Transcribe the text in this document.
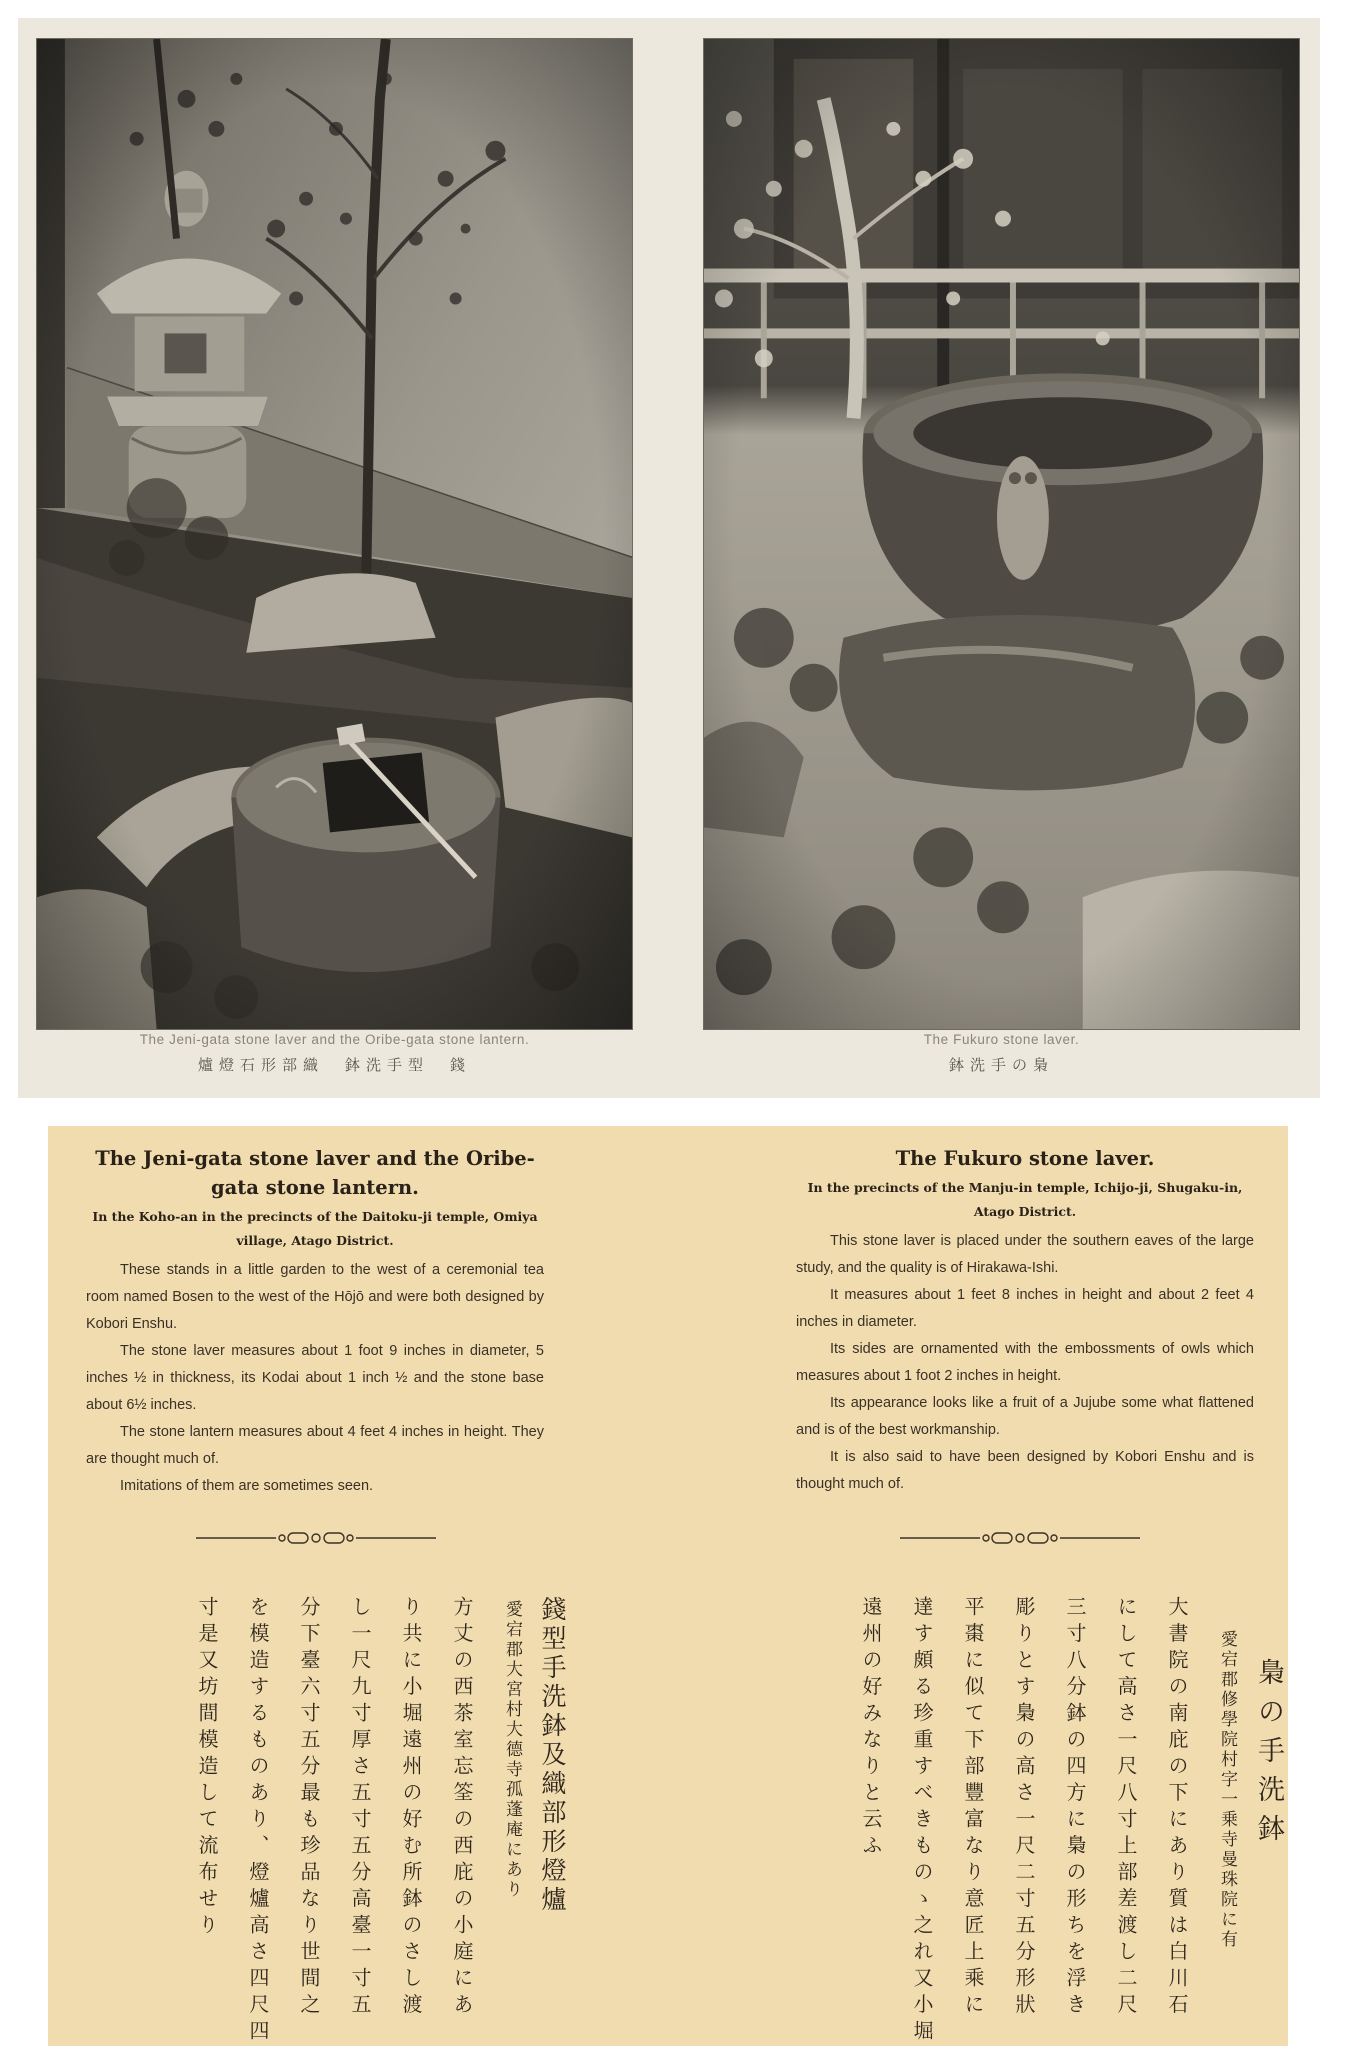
The Jeni-gata stone laver and the Oribe-gata stone lantern.
爐燈石形部織　鉢洗手型　錢
The Fukuro stone laver.
鉢洗手の梟
The Jeni-gata stone laver and the Oribe-gata stone lantern.
In the Koho-an in the precincts of the Daitoku-ji temple, Omiya village, Atago District.

These stands in a little garden to the west of a ceremonial tea room named Bosen to the west of the Hōjō and were both designed by Kobori Enshu.

The stone laver measures about 1 foot 9 inches in diameter, 5 inches ½ in thickness, its Kodai about 1 inch ½ and the stone base about 6½ inches.

The stone lantern measures about 4 feet 4 inches in height. They are thought much of.

Imitations of them are sometimes seen.

The Fukuro stone laver.
In the precincts of the Manju-in temple, Ichijo-ji, Shugaku-in, Atago District.

This stone laver is placed under the southern eaves of the large study, and the quality is of Hirakawa-Ishi.

It measures about 1 feet 8 inches in height and about 2 feet 4 inches in diameter.

Its sides are ornamented with the embossments of owls which measures about 1 foot 2 inches in height.

Its appearance looks like a fruit of a Jujube some what flattened and is of the best workmanship.

It is also said to have been designed by Kobori Enshu and is thought much of.

錢型手洗鉢及織部形燈爐
愛宕郡大宮村大德寺孤蓬庵にあり
方丈の西茶室忘筌の西庇の小庭にあ
り共に小堀遠州の好む所鉢のさし渡
し一尺九寸厚さ五寸五分高臺一寸五
分下臺六寸五分最も珍品なり世間之
を模造するものあり、燈爐高さ四尺四
寸是又坊間模造して流布せり	梟の手洗鉢
愛宕郡修學院村字一乗寺曼珠院に有
大書院の南庇の下にあり質は白川石
にして高さ一尺八寸上部差渡し二尺
三寸八分鉢の四方に梟の形ちを浮き
彫りとす梟の高さ一尺二寸五分形狀
平棗に似て下部豐富なり意匠上乘に
達す頗る珍重すべきものゝ之れ又小堀
遠州の好みなりと云ふ
